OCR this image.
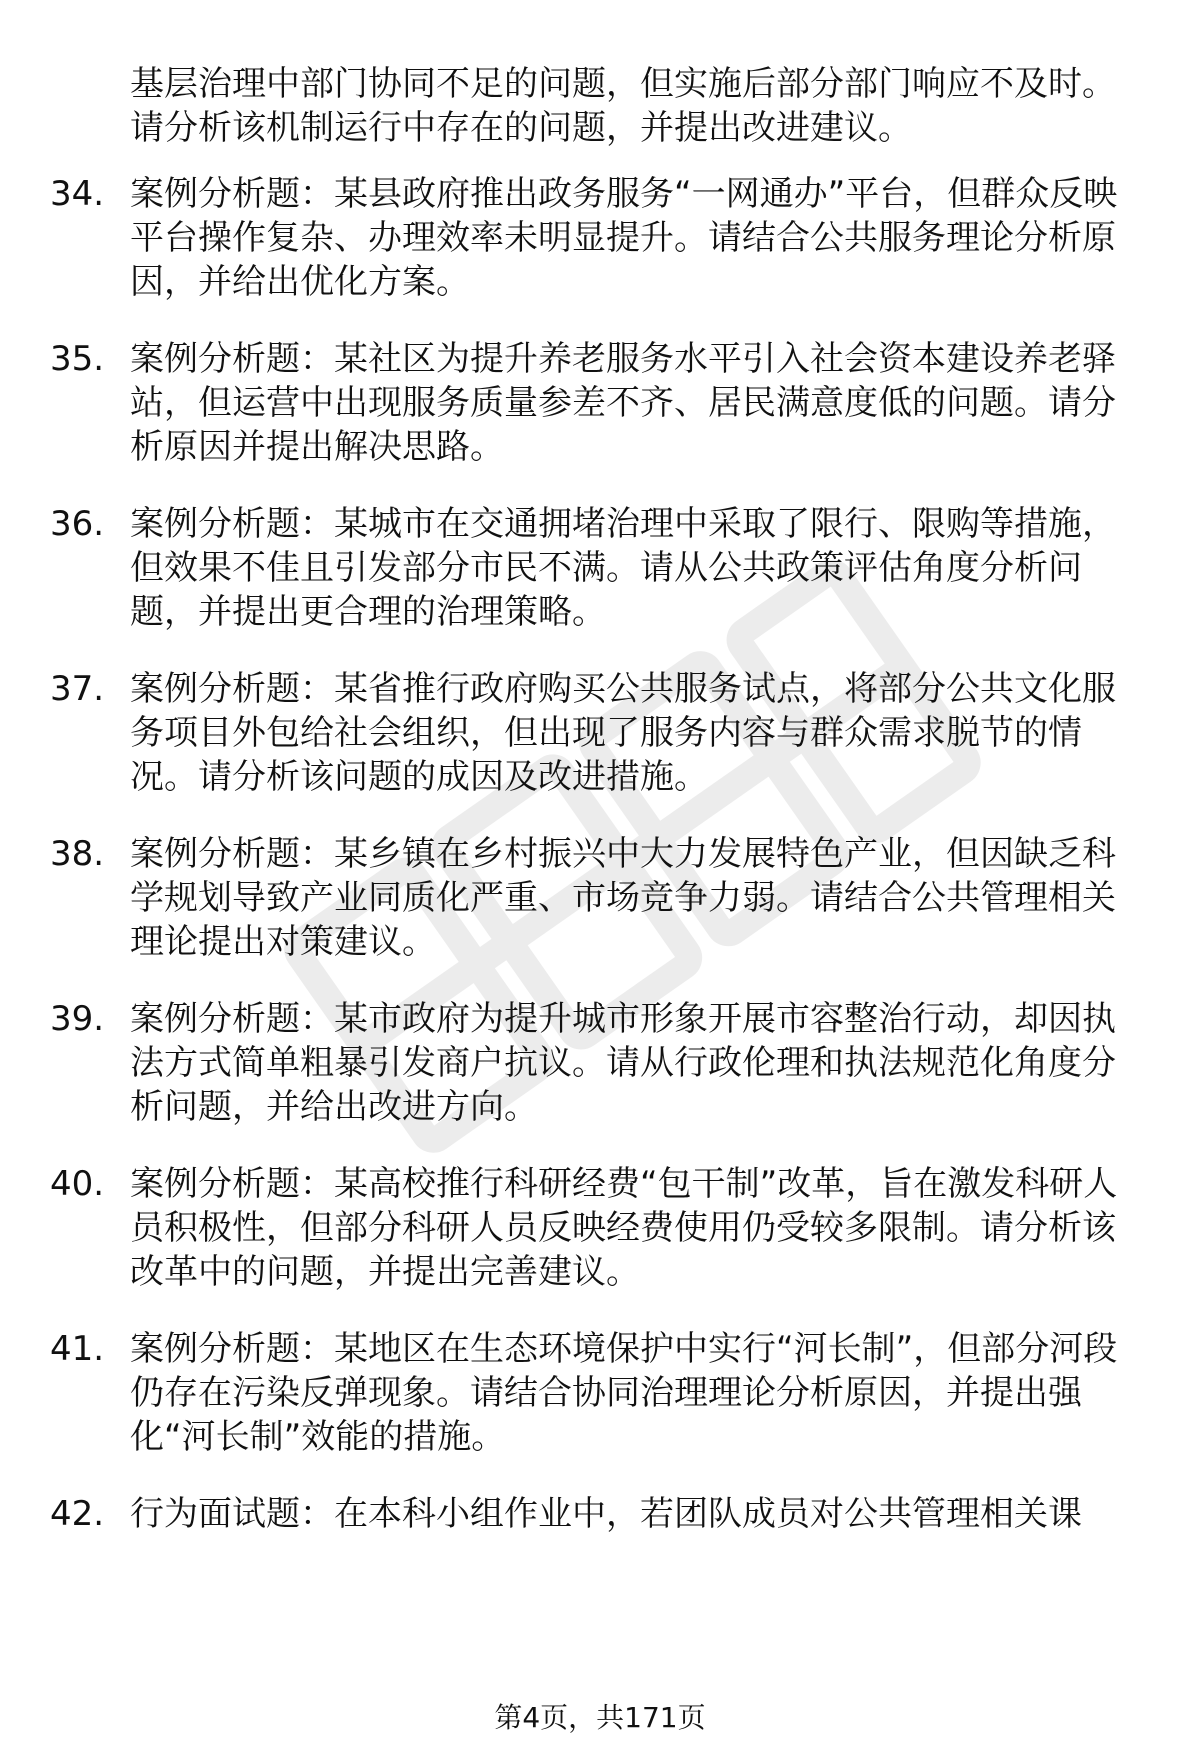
基层治理中部门协同不足的问题，但实施后部分部门响应不及时。请分析该机制运行中存在的问题，并提出改进建议。
34. 案例分析题：某县政府推出政务服务“一网通办”平台，但群众反映平台操作复杂、办理效率未明显提升。请结合公共服务理论分析原因，并给出优化方案。
35. 案例分析题：某社区为提升养老服务水平引入社会资本建设养老驿站，但运营中出现服务质量参差不齐、居民满意度低的问题。请分析原因并提出解决思路。
36. 案例分析题：某城市在交通拥堵治理中采取了限行、限购等措施，但效果不佳且引发部分市民不满。请从公共政策评估角度分析问题，并提出更合理的治理策略。
37. 案例分析题：某省推行政府购买公共服务试点，将部分公共文化服务项目外包给社会组织，但出现了服务内容与群众需求脱节的情况。请分析该问题的成因及改进措施。
38. 案例分析题：某乡镇在乡村振兴中大力发展特色产业，但因缺乏科学规划导致产业同质化严重、市场竞争力弱。请结合公共管理相关理论提出对策建议。
39. 案例分析题：某市政府为提升城市形象开展市容整治行动，却因执法方式简单粗暴引发商户抗议。请从行政伦理和执法规范化角度分析问题，并给出改进方向。
40. 案例分析题：某高校推行科研经费“包干制”改革，旨在激发科研人员积极性，但部分科研人员反映经费使用仍受较多限制。请分析该改革中的问题，并提出完善建议。
41. 案例分析题：某地区在生态环境保护中实行“河长制”，但部分河段仍存在污染反弹现象。请结合协同治理理论分析原因，并提出强化“河长制”效能的措施。
42. 行为面试题：在本科小组作业中，若团队成员对公共管理相关课
第4页，共171页
